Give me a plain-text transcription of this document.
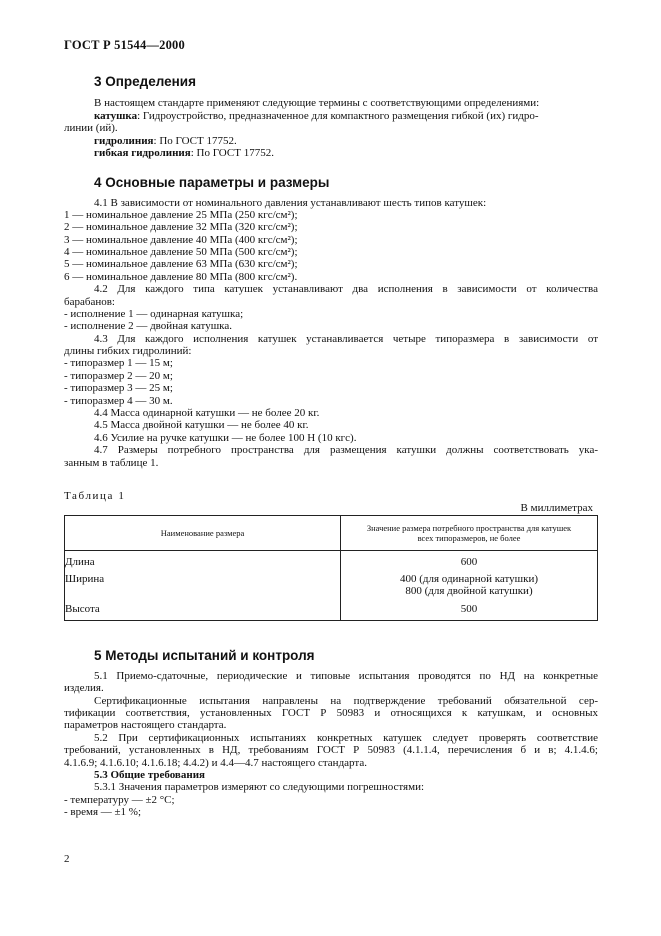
ГОСТ Р 51544—2000
3 Определения
В настоящем стандарте применяют следующие термины с соответствующими определениями:
катушка: Гидроустройство, предназначенное для компактного размещения гибкой (их) гидро-
линии (ий).
гидролиния: По ГОСТ 17752.
гибкая гидролиния: По ГОСТ 17752.
4 Основные параметры и размеры
4.1 В зависимости от номинального давления устанавливают шесть типов катушек:
1 — номинальное давление 25 МПа (250 кгс/см²);
2 — номинальное давление 32 МПа (320 кгс/см²);
3 — номинальное давление 40 МПа (400 кгс/см²);
4 — номинальное давление 50 МПа (500 кгс/см²);
5 — номинальное давление 63 МПа (630 кгс/см²);
6 — номинальное давление 80 МПа (800 кгс/см²).
4.2 Для каждого типа катушек устанавливают два исполнения в зависимости от количества
барабанов:
- исполнение 1 — одинарная катушка;
- исполнение 2 — двойная катушка.
4.3 Для каждого исполнения катушек устанавливается четыре типоразмера в зависимости от
длины гибких гидролиний:
- типоразмер 1 — 15 м;
- типоразмер 2 — 20 м;
- типоразмер 3 — 25 м;
- типоразмер 4 — 30 м.
4.4 Масса одинарной катушки — не более 20 кг.
4.5 Масса двойной катушки — не более 40 кг.
4.6 Усилие на ручке катушки — не более 100 Н (10 кгс).
4.7 Размеры потребного пространства для размещения катушки должны соответствовать ука-
занным в таблице 1.
Таблица 1
В миллиметрах
Наименование размера	Значение размера потребного пространства для катушек
всех типоразмеров, не более

Длина	600
Ширина	400 (для одинарной катушки)
800 (для двойной катушки)

Высота	500
5 Методы испытаний и контроля
5.1 Приемо-сдаточные, периодические и типовые испытания проводятся по НД на конкретные
изделия.
Сертификационные испытания направлены на подтверждение требований обязательной сер-
тификации соответствия, установленных ГОСТ Р 50983 и относящихся к катушкам, и основных
параметров настоящего стандарта.
5.2 При сертификационных испытаниях конкретных катушек следует проверять соответствие
требований, установленных в НД, требованиям ГОСТ Р 50983 (4.1.1.4, перечисления б и в; 4.1.4.6;
4.1.6.9; 4.1.6.10; 4.1.6.18; 4.4.2) и 4.4—4.7 настоящего стандарта.
5.3 Общие требования
5.3.1 Значения параметров измеряют со следующими погрешностями:
- температуру — ±2 °С;
- время — ±1 %;
2
